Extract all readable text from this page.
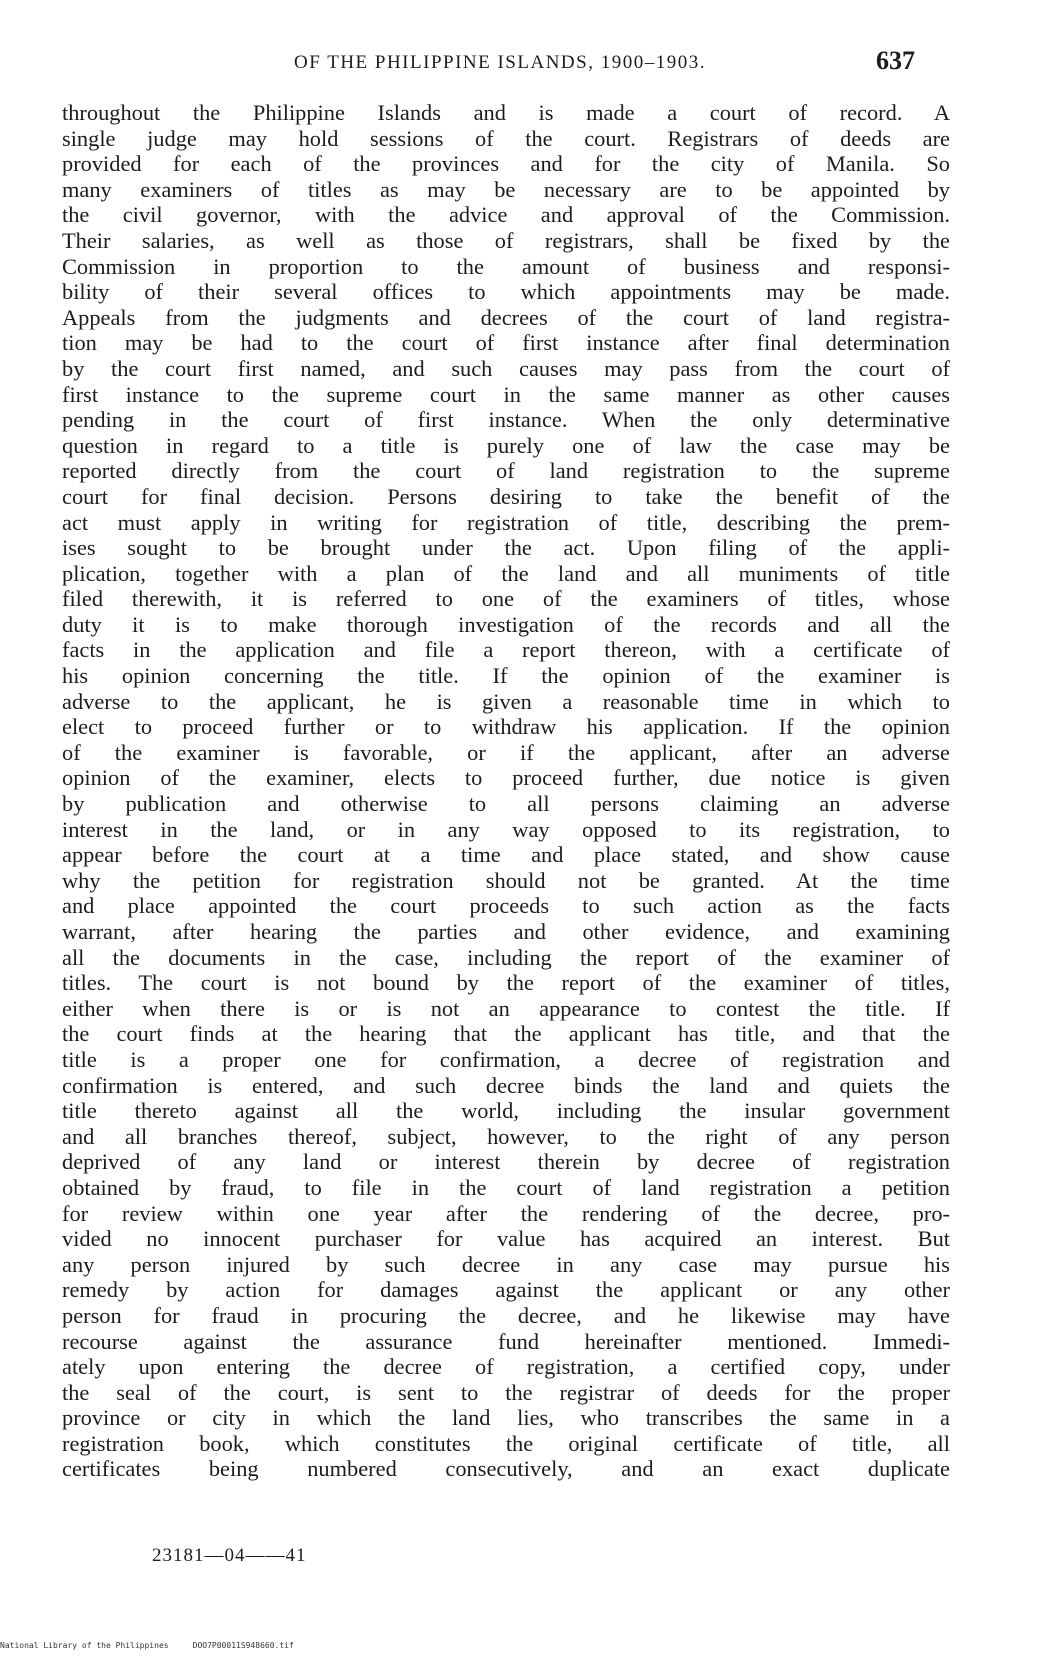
OF THE PHILIPPINE ISLANDS, 1900–1903.	637
throughout the Philippine Islands and is made a court of record. A
single judge may hold sessions of the court. Registrars of deeds are
provided for each of the provinces and for the city of Manila. So
many examiners of titles as may be necessary are to be appointed by
the civil governor, with the advice and approval of the Commission.
Their salaries, as well as those of registrars, shall be fixed by the
Commission in proportion to the amount of business and responsi-
bility of their several offices to which appointments may be made.
Appeals from the judgments and decrees of the court of land registra-
tion may be had to the court of first instance after final determination
by the court first named, and such causes may pass from the court of
first instance to the supreme court in the same manner as other causes
pending in the court of first instance. When the only determinative
question in regard to a title is purely one of law the case may be
reported directly from the court of land registration to the supreme
court for final decision. Persons desiring to take the benefit of the
act must apply in writing for registration of title, describing the prem-
ises sought to be brought under the act. Upon filing of the appli-
plication, together with a plan of the land and all muniments of title
filed therewith, it is referred to one of the examiners of titles, whose
duty it is to make thorough investigation of the records and all the
facts in the application and file a report thereon, with a certificate of
his opinion concerning the title. If the opinion of the examiner is
adverse to the applicant, he is given a reasonable time in which to
elect to proceed further or to withdraw his application. If the opinion
of the examiner is favorable, or if the applicant, after an adverse
opinion of the examiner, elects to proceed further, due notice is given
by publication and otherwise to all persons claiming an adverse
interest in the land, or in any way opposed to its registration, to
appear before the court at a time and place stated, and show cause
why the petition for registration should not be granted. At the time
and place appointed the court proceeds to such action as the facts
warrant, after hearing the parties and other evidence, and examining
all the documents in the case, including the report of the examiner of
titles. The court is not bound by the report of the examiner of titles,
either when there is or is not an appearance to contest the title. If
the court finds at the hearing that the applicant has title, and that the
title is a proper one for confirmation, a decree of registration and
confirmation is entered, and such decree binds the land and quiets the
title thereto against all the world, including the insular government
and all branches thereof, subject, however, to the right of any person
deprived of any land or interest therein by decree of registration
obtained by fraud, to file in the court of land registration a petition
for review within one year after the rendering of the decree, pro-
vided no innocent purchaser for value has acquired an interest. But
any person injured by such decree in any case may pursue his
remedy by action for damages against the applicant or any other
person for fraud in procuring the decree, and he likewise may have
recourse against the assurance fund hereinafter mentioned. Immedi-
ately upon entering the decree of registration, a certified copy, under
the seal of the court, is sent to the registrar of deeds for the proper
province or city in which the land lies, who transcribes the same in a
registration book, which constitutes the original certificate of title, all
certificates being numbered consecutively, and an exact duplicate
23181—04——41
National Library of the Philippines     DOO7P00011S948660.tif
